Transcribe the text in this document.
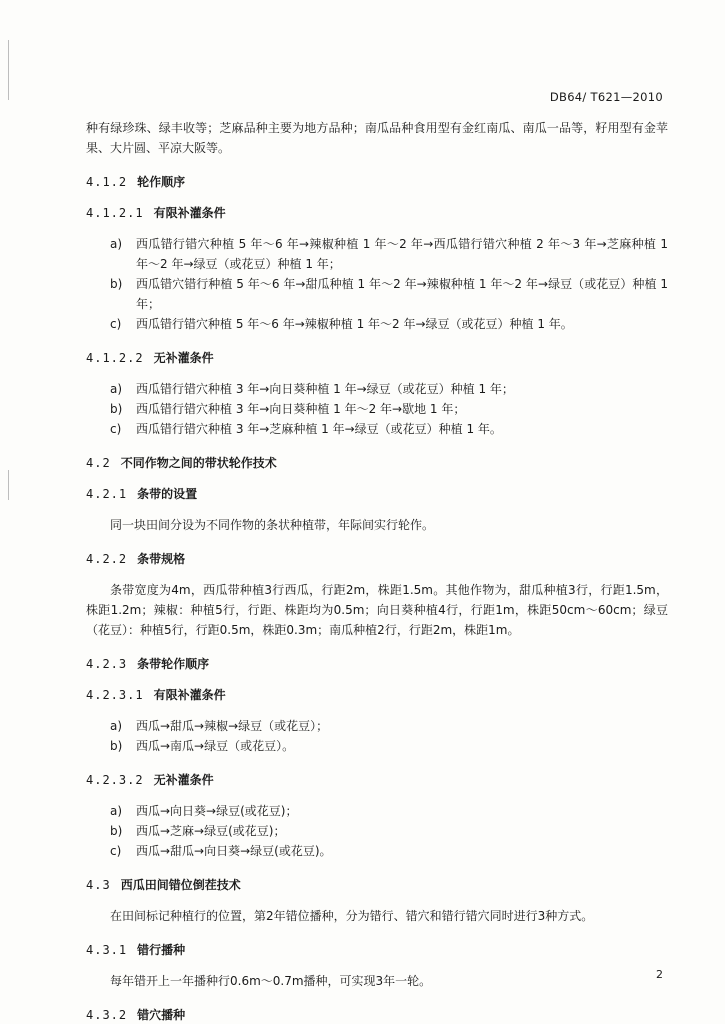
DB64/ T621—2010

种有绿珍珠、绿丰收等；芝麻品种主要为地方品种；南瓜品种食用型有金红南瓜、南瓜一品等，籽用型有金苹果、大片圆、平凉大阪等。

4.1.2 轮作顺序

4.1.2.1 有限补灌条件

a)	西瓜错行错穴种植 5 年～6 年→辣椒种植 1 年～2 年→西瓜错行错穴种植 2 年～3 年→芝麻种植 1 年～2 年→绿豆（或花豆）种植 1 年；
b)	西瓜错穴错行种植 5 年～6 年→甜瓜种植 1 年～2 年→辣椒种植 1 年～2 年→绿豆（或花豆）种植 1 年；
c)	西瓜错行错穴种植 5 年～6 年→辣椒种植 1 年～2 年→绿豆（或花豆）种植 1 年。

4.1.2.2 无补灌条件

a)	西瓜错行错穴种植 3 年→向日葵种植 1 年→绿豆（或花豆）种植 1 年；
b)	西瓜错行错穴种植 3 年→向日葵种植 1 年～2 年→歇地 1 年；
c)	西瓜错行错穴种植 3 年→芝麻种植 1 年→绿豆（或花豆）种植 1 年。

4.2 不同作物之间的带状轮作技术

4.2.1 条带的设置

同一块田间分设为不同作物的条状种植带，年际间实行轮作。

4.2.2 条带规格

条带宽度为4m，西瓜带种植3行西瓜，行距2m，株距1.5m。其他作物为，甜瓜种植3行，行距1.5m，株距1.2m；辣椒：种植5行，行距、株距均为0.5m；向日葵种植4行，行距1m，株距50cm～60cm；绿豆（花豆）：种植5行，行距0.5m，株距0.3m；南瓜种植2行，行距2m，株距1m。

4.2.3 条带轮作顺序

4.2.3.1 有限补灌条件

a)	西瓜→甜瓜→辣椒→绿豆（或花豆）；
b)	西瓜→南瓜→绿豆（或花豆）。

4.2.3.2 无补灌条件

a)	西瓜→向日葵→绿豆(或花豆)；
b)	西瓜→芝麻→绿豆(或花豆)；
c)	西瓜→甜瓜→向日葵→绿豆(或花豆)。

4.3 西瓜田间错位倒茬技术

在田间标记种植行的位置，第2年错位播种，分为错行、错穴和错行错穴同时进行3种方式。

4.3.1 错行播种

每年错开上一年播种行0.6m～0.7m播种，可实现3年一轮。

4.3.2 错穴播种

2
